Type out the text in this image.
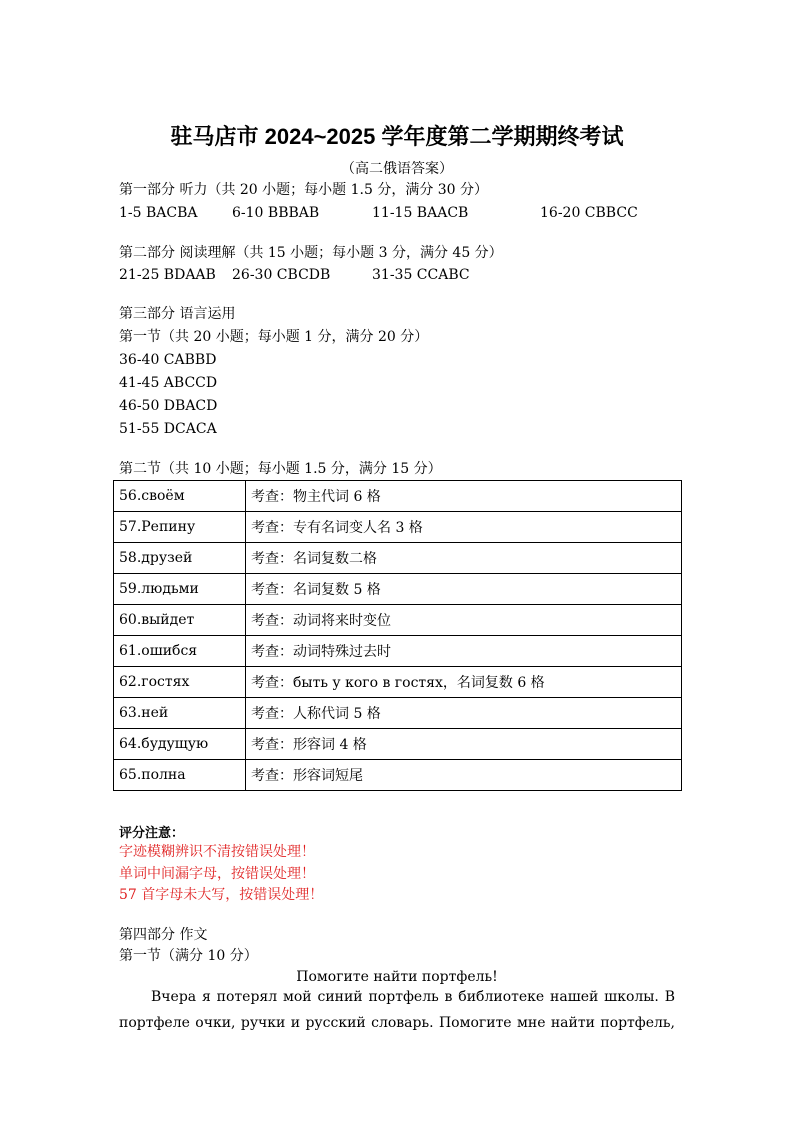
驻马店市 2024~2025 学年度第二学期期终考试
（高二俄语答案）
第一部分 听力（共 20 小题；每小题 1.5 分，满分 30 分）
1-5 BACBA 6-10 BBBAB	11-15 BAACB	16-20 CBBCC
第二部分 阅读理解（共 15 小题；每小题 3 分，满分 45 分）
21-25 BDAAB 26-30 CBCDB	31-35 CCABC
第三部分 语言运用
第一节（共 20 小题；每小题 1 分，满分 20 分）
36-40 CABBD
41-45 ABCCD
46-50 DBACD
51-55 DCACA
第二节（共 10 小题；每小题 1.5 分，满分 15 分）
56.своём	考查：物主代词 6 格
57.Репину	考查：专有名词变人名 3 格
58.друзей	考查：名词复数二格
59.людьми	考查：名词复数 5 格
60.выйдет	考查：动词将来时变位
61.ошибся	考查：动词特殊过去时
62.гостях	考查：быть у кого в гостях，名词复数 6 格
63.ней	考查：人称代词 5 格
64.будущую	考查：形容词 4 格
65.полна	考查：形容词短尾
评分注意：
字迹模糊辨识不清按错误处理！
单词中间漏字母，按错误处理！
57 首字母未大写，按错误处理！
第四部分 作文
第一节（满分 10 分）
Помогите найти портфель!
Вчера я потерял мой синий портфель в библиотеке нашей школы. В
портфеле очки, ручки и русский словарь. Помогите мне найти портфель,
